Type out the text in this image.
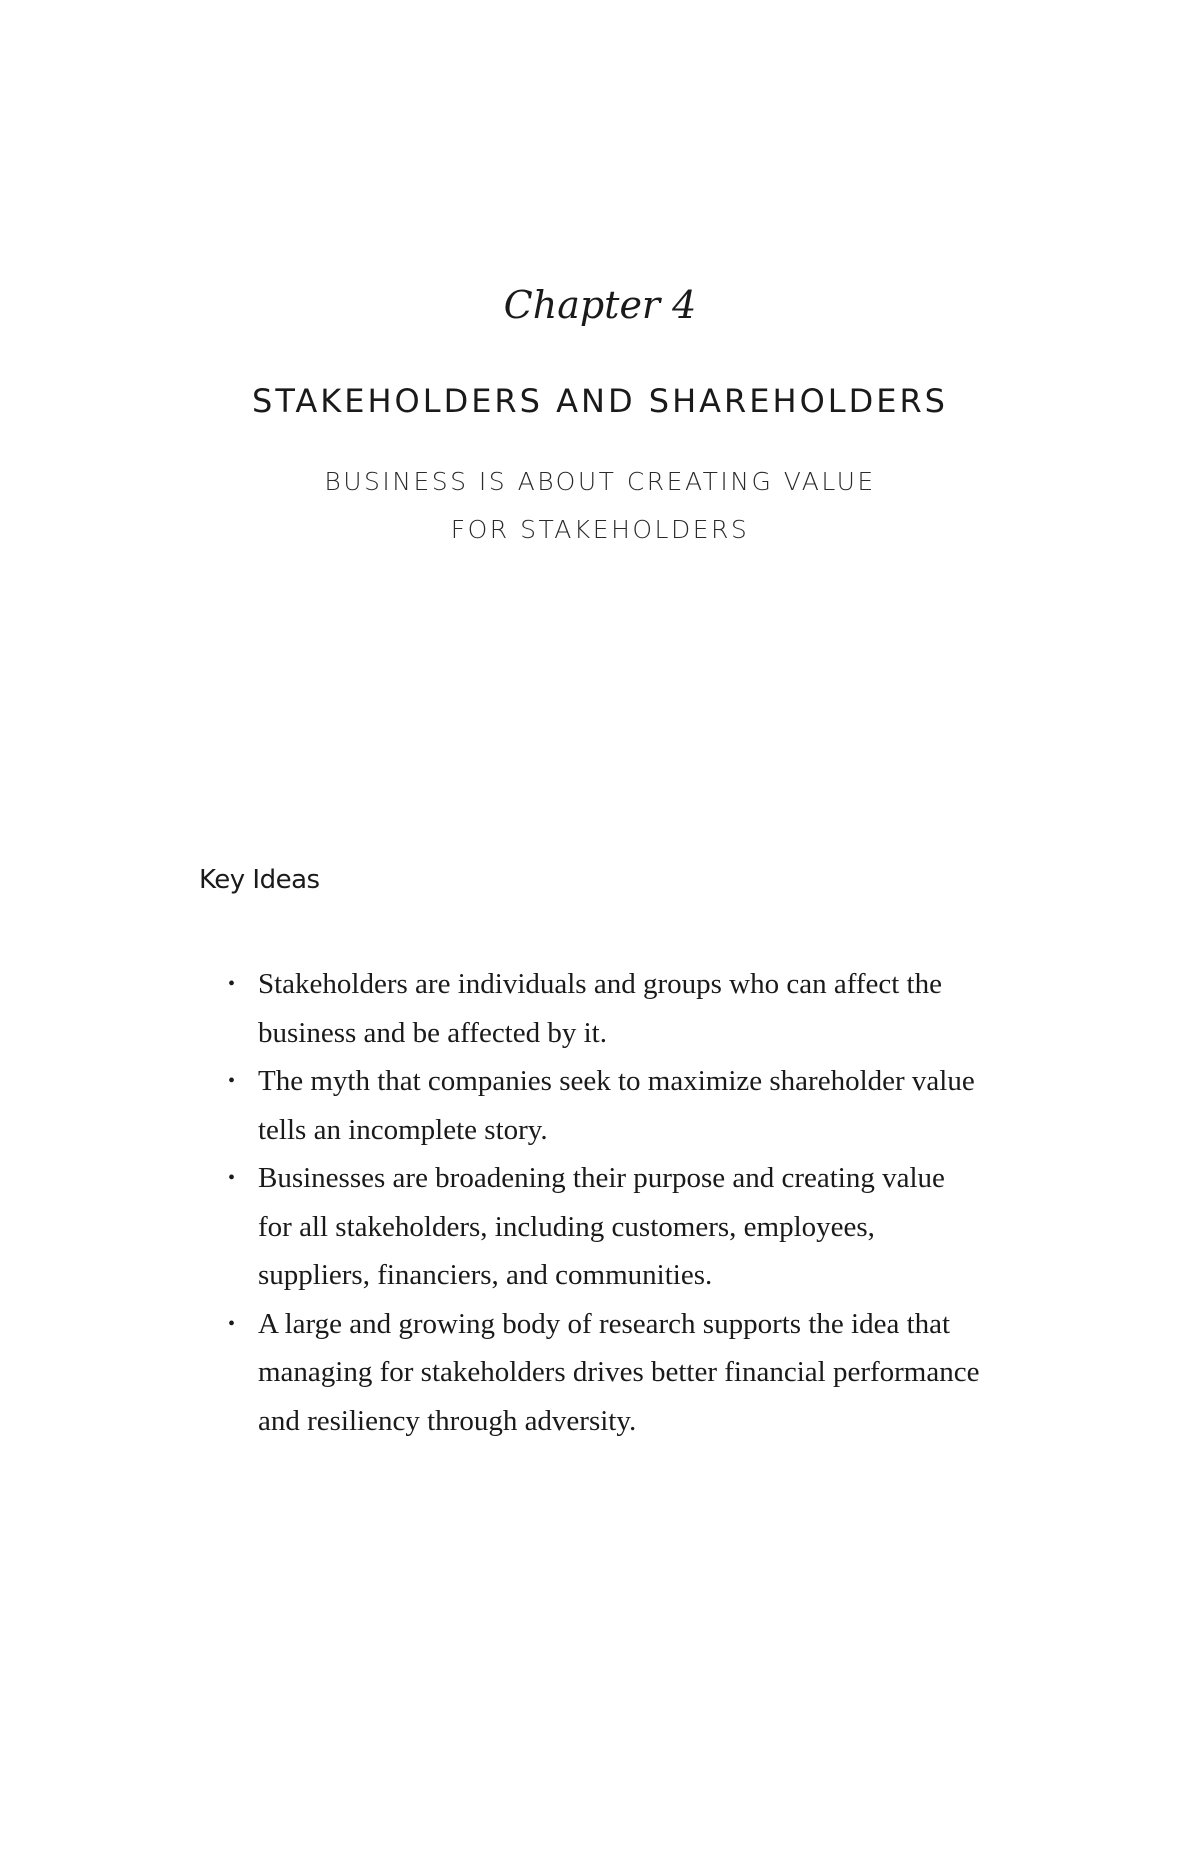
Chapter 4
STAKEHOLDERS AND SHAREHOLDERS
BUSINESS IS ABOUT CREATING VALUE
FOR STAKEHOLDERS
Key Ideas
• Stakeholders are individuals and groups who can affect the business and be affected by it.
• The myth that companies seek to maximize shareholder value tells an incomplete story.
• Businesses are broadening their purpose and creating value for all stakeholders, including customers, employees, suppliers, financiers, and communities.
• A large and growing body of research supports the idea that managing for stakeholders drives better financial performance and resiliency through adversity.
